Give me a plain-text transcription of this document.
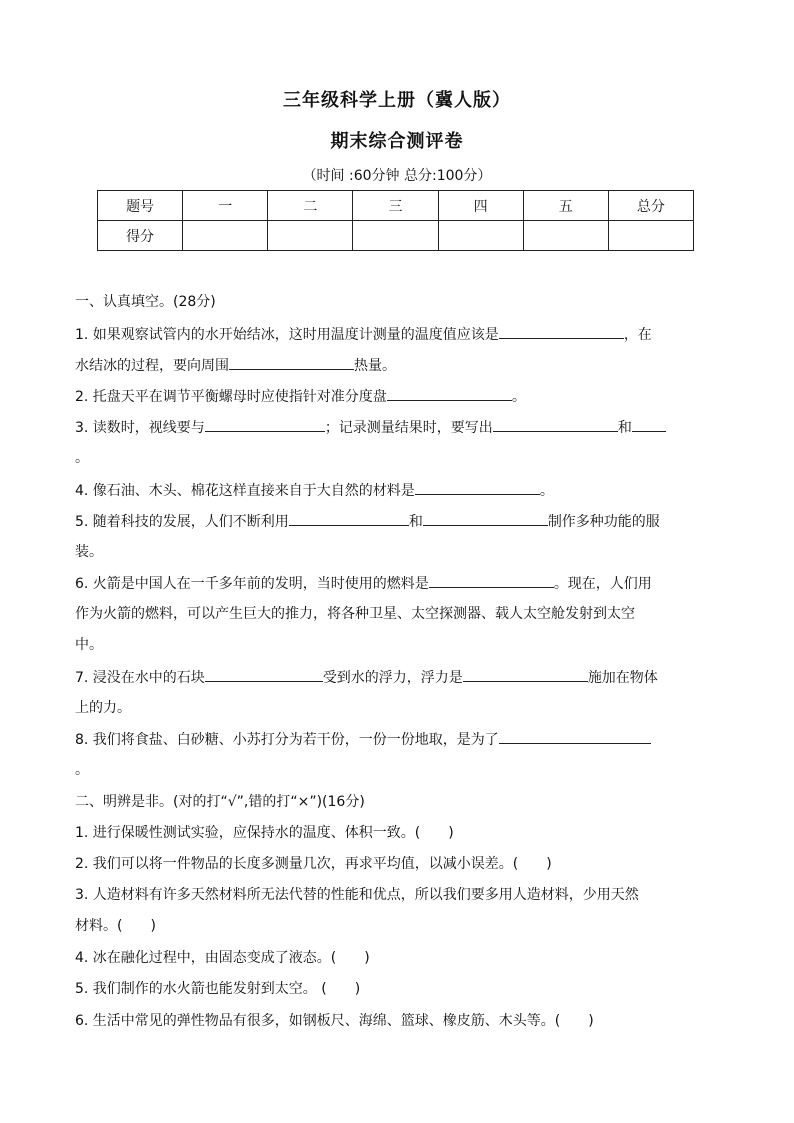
三年级科学上册（冀人版）
期末综合测评卷
（时间 :60分钟 总分:100分）
题号	一	二	三	四	五	总分
得分						
一、认真填空。(28分)
1. 如果观察试管内的水开始结冰，这时用温度计测量的温度值应该是	，在
水结冰的过程，要向周围	热量。
2. 托盘天平在调节平衡螺母时应使指针对准分度盘	。
3. 读数时，视线要与	；记录测量结果时，要写出	和
。
4. 像石油、木头、棉花这样直接来自于大自然的材料是	。
5. 随着科技的发展，人们不断利用	和	制作多种功能的服
装。
6. 火箭是中国人在一千多年前的发明，当时使用的燃料是	。现在，人们用
作为火箭的燃料，可以产生巨大的推力，将各种卫星、太空探测器、载人太空舱发射到太空
中。
7. 浸没在水中的石块	受到水的浮力，浮力是	施加在物体
上的力。
8. 我们将食盐、白砂糖、小苏打分为若干份，一份一份地取，是为了
。
二、明辨是非。(对的打“√”,错的打“×”)(16分)
1. 进行保暖性测试实验，应保持水的温度、体积一致。(　　)
2. 我们可以将一件物品的长度多测量几次，再求平均值，以减小误差。(　　)
3. 人造材料有许多天然材料所无法代替的性能和优点，所以我们要多用人造材料，少用天然
材料。(　　)
4. 冰在融化过程中，由固态变成了液态。(　　)
5. 我们制作的水火箭也能发射到太空。 (　　)
6. 生活中常见的弹性物品有很多，如钢板尺、海绵、篮球、橡皮筋、木头等。(　　)
